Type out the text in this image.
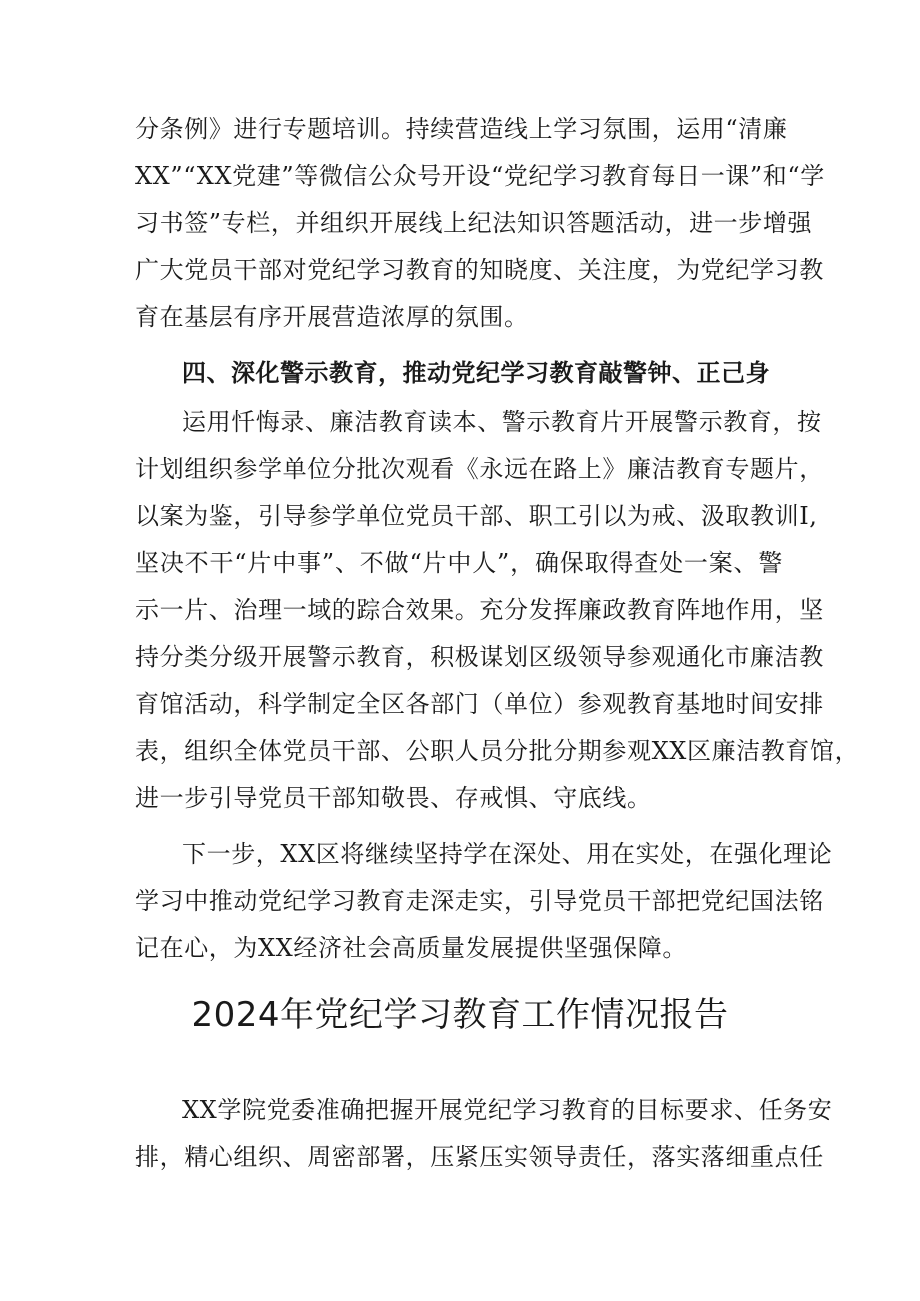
分条例》进行专题培训。持续营造线上学习氛围，运用“清廉
XX”“XX党建”等微信公众号开设“党纪学习教育每日一课”和“学
习书签”专栏，并组织开展线上纪法知识答题活动，进一步增强
广大党员干部对党纪学习教育的知晓度、关注度，为党纪学习教
育在基层有序开展营造浓厚的氛围。
四、深化警示教育，推动党纪学习教育敲警钟、正己身
运用忏悔录、廉洁教育读本、警示教育片开展警示教育，按
计划组织参学单位分批次观看《永远在路上》廉洁教育专题片，
以案为鉴，引导参学单位党员干部、职工引以为戒、汲取教训I,
坚决不干“片中事”、不做“片中人”，确保取得查处一案、警
示一片、治理一域的踪合效果。充分发挥廉政教育阵地作用，坚
持分类分级开展警示教育，积极谋划区级领导参观通化市廉洁教
育馆活动，科学制定全区各部门（单位）参观教育基地时间安排
表，组织全体党员干部、公职人员分批分期参观XX区廉洁教育馆，
进一步引导党员干部知敬畏、存戒惧、守底线。
下一步，XX区将继续坚持学在深处、用在实处，在强化理论
学习中推动党纪学习教育走深走实，引导党员干部把党纪国法铭
记在心，为XX经济社会高质量发展提供坚强保障。
2024年党纪学习教育工作情况报告
XX学院党委准确把握开展党纪学习教育的目标要求、任务安
排，精心组织、周密部署，压紧压实领导责任，落实落细重点任
